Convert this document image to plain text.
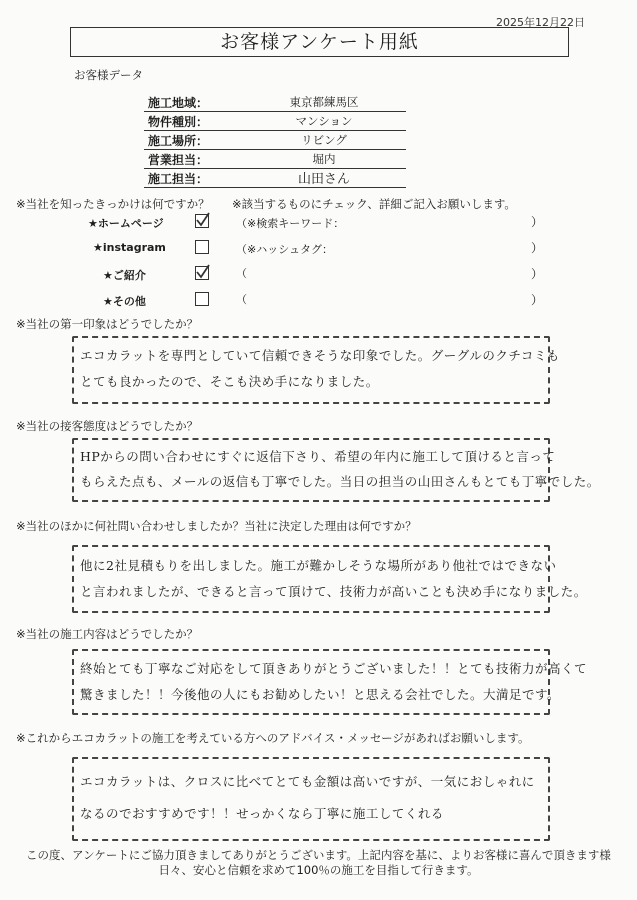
2025年12月22日
お客様アンケート用紙
お客様データ
施工地域：	東京都練馬区
物件種別：	マンション
施工場所：	リビング
営業担当：	堀内
施工担当：	山田さん
※当社を知ったきっかけは何ですか？ ※該当するものにチェック、詳細ご記入お願いします。
★ホームページ	（※検索キーワード：	）
★instagram	（※ハッシュタグ：	）
★ご紹介	（	）
★その他	（	）
※当社の第一印象はどうでしたか？
エコカラットを専門としていて信頼できそうな印象でした。グーグルのクチコミも
とても良かったので、そこも決め手になりました。
※当社の接客態度はどうでしたか？
HPからの問い合わせにすぐに返信下さり、希望の年内に施工して頂けると言って
もらえた点も、メールの返信も丁寧でした。当日の担当の山田さんもとても丁寧でした。
※当社のほかに何社問い合わせしましたか？当社に決定した理由は何ですか？
他に2社見積もりを出しました。施工が難かしそうな場所があり他社ではできない
と言われましたが、できると言って頂けて、技術力が高いことも決め手になりました。
※当社の施工内容はどうでしたか？
終始とても丁寧なご対応をして頂きありがとうございました！！とても技術力が高くて
驚きました！！今後他の人にもお勧めしたい！と思える会社でした。大満足です。
※これからエコカラットの施工を考えている方へのアドバイス・メッセージがあればお願いします。
エコカラットは、クロスに比べてとても金額は高いですが、一気におしゃれに
なるのでおすすめです！！せっかくなら丁寧に施工してくれる
この度、アンケートにご協力頂きましてありがとうございます。上記内容を基に、よりお客様に喜んで頂きます様
日々、安心と信頼を求めて100％の施工を目指して行きます。
